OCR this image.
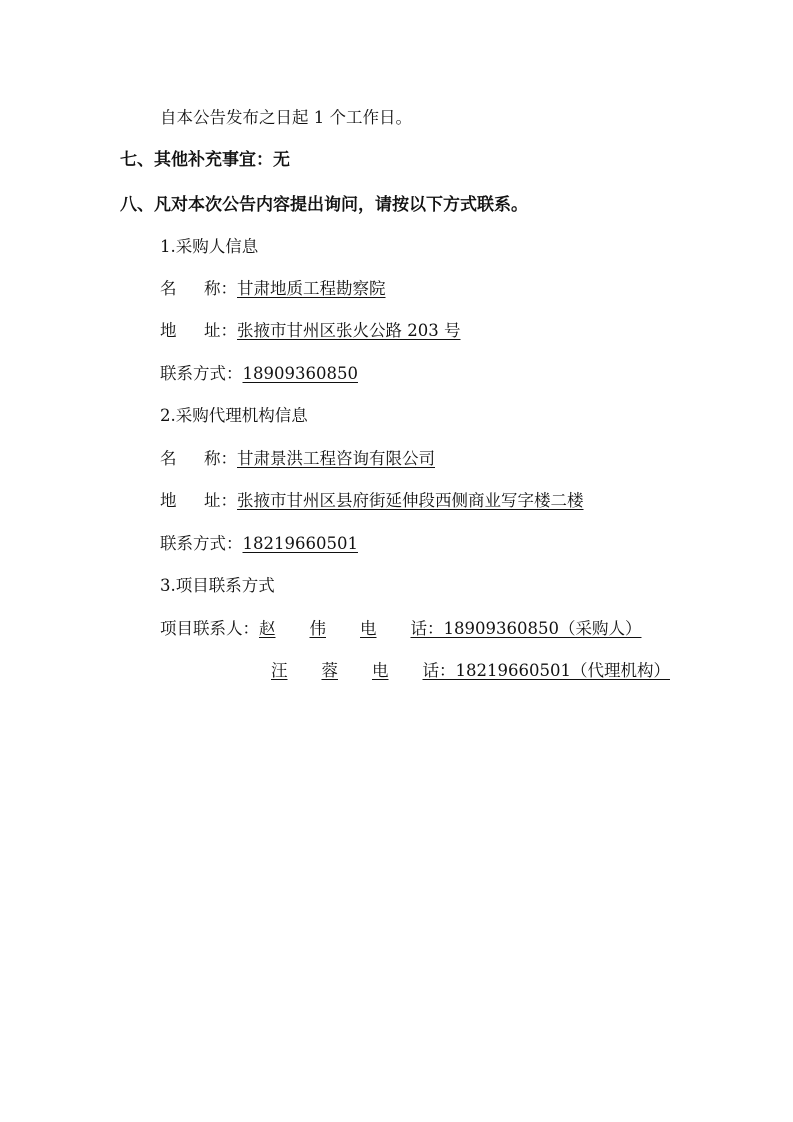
自本公告发布之日起 1 个工作日。
七、其他补充事宜：无
八、凡对本次公告内容提出询问，请按以下方式联系。
1.采购人信息
名 称： 甘肃地质工程勘察院
地 址： 张掖市甘州区张火公路 203 号
联系方式：18909360850
2.采购代理机构信息
名 称： 甘肃景洪工程咨询有限公司
地 址： 张掖市甘州区县府街延伸段西侧商业写字楼二楼
联系方式：18219660501
3.项目联系方式
项目联系人：赵 伟 电 话：18909360850（采购人）
汪 蓉 电 话：18219660501（代理机构）
